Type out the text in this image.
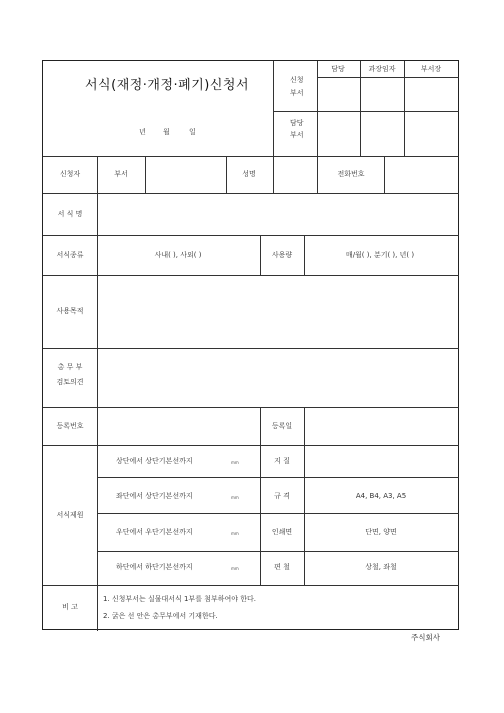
서식(재정·개정·폐기)신청서
년 월	일
신청
부서
담당
부서
담당	과장임자	부서장
신청자	부서	성명	전화번호
서 식 명
서식종류	사내( ), 사외( )	사용량	매/월( ), 분기( ), 년( )
사용목적
총 무 부
검토의견
등록번호	등록일
서식제원
상단에서 상단기본선까지	mm	지 질
좌단에서 상단기본선까지	mm	규 격	A4, B4, A3, A5
우단에서 우단기본선까지	mm	인쇄면	단면, 양면
하단에서 하단기본선까지	mm	편 철	상철, 좌철
비 고
1. 신청부서는 실물대서식 1부를 첨부하여야 한다.
2. 굵은 선 안은 총무부에서 기재한다.
주식회사
